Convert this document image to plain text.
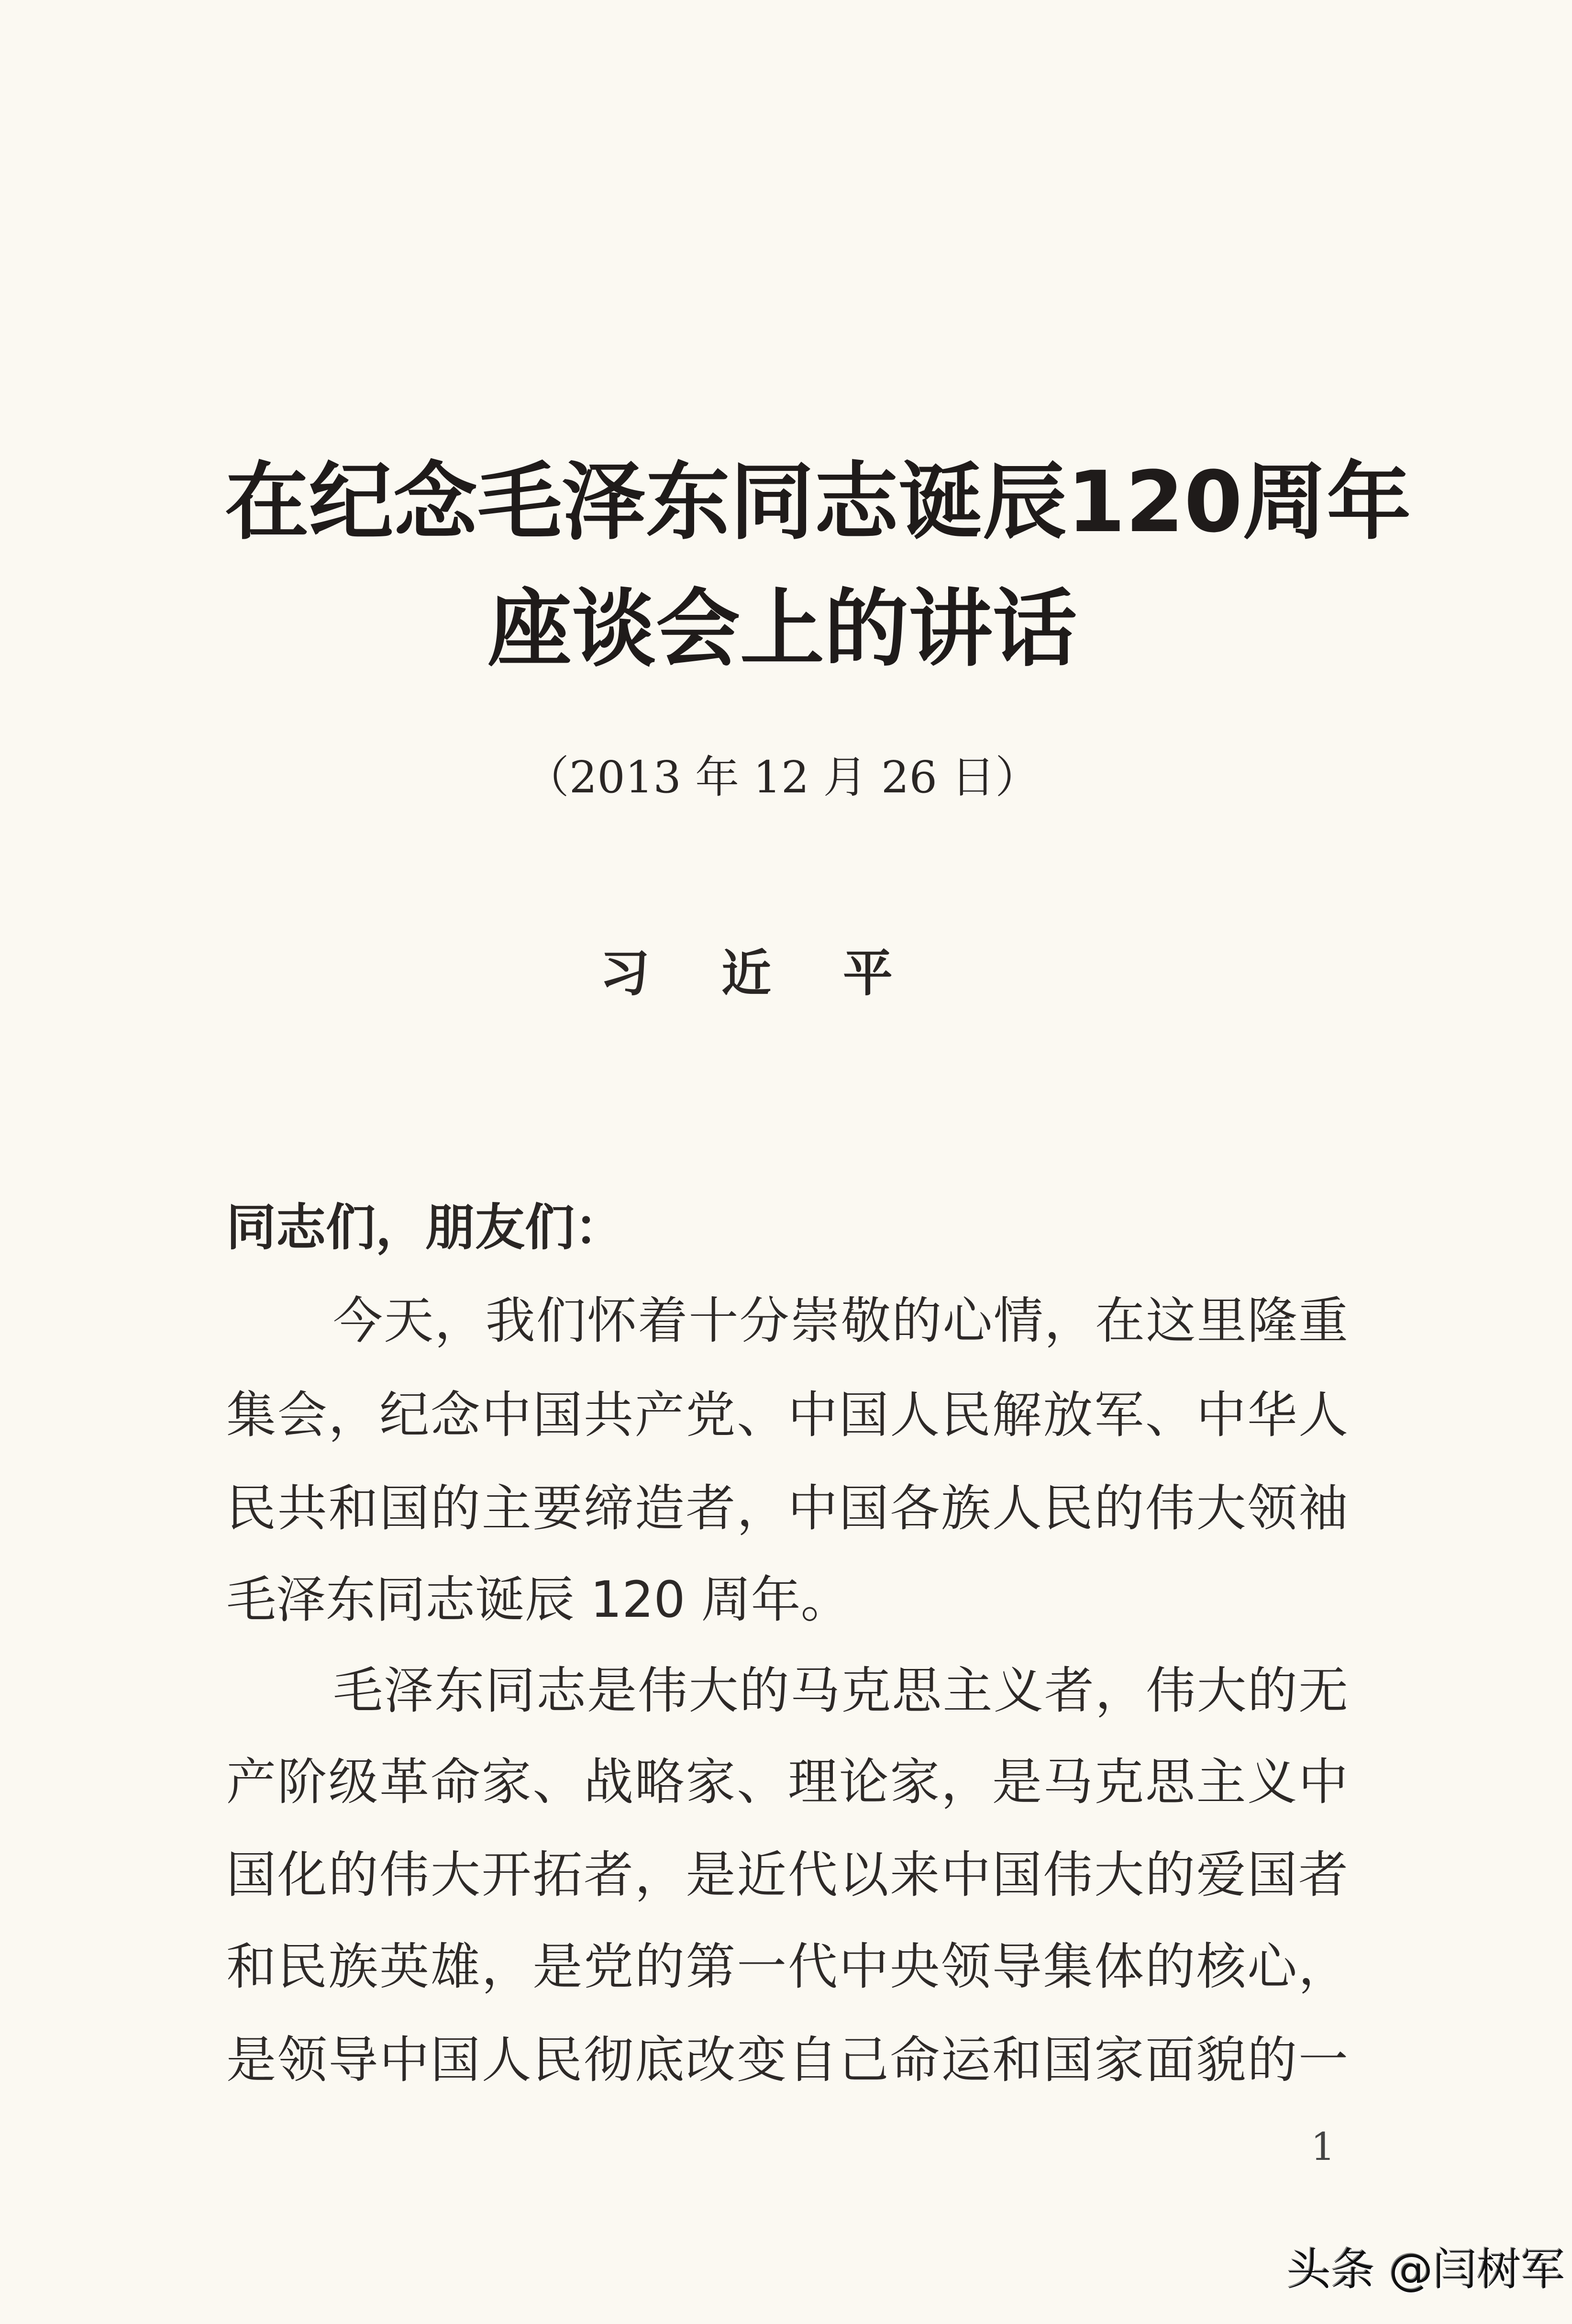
在纪念毛泽东同志诞辰120周年
座谈会上的讲话
（2013 年 12 月 26 日）
习近平
同志们，朋友们：
今天，我们怀着十分崇敬的心情，在这里隆重
集会，纪念中国共产党、中国人民解放军、中华人
民共和国的主要缔造者，中国各族人民的伟大领袖
毛泽东同志诞辰 120 周年。
毛泽东同志是伟大的马克思主义者，伟大的无
产阶级革命家、战略家、理论家，是马克思主义中
国化的伟大开拓者，是近代以来中国伟大的爱国者
和民族英雄，是党的第一代中央领导集体的核心，
是领导中国人民彻底改变自己命运和国家面貌的一
1
头条 @闫树军
